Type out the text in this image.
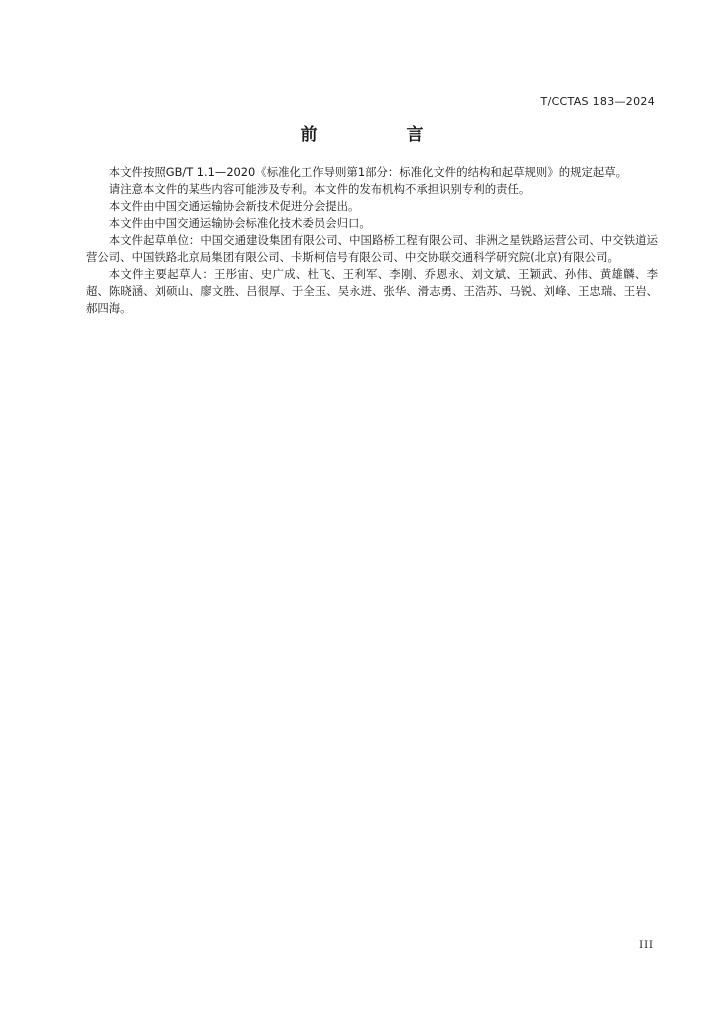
T/CCTAS 183—2024
前　言

本文件按照GB/T 1.1—2020《标准化工作导则第1部分：标准化文件的结构和起草规则》的规定起草。

请注意本文件的某些内容可能涉及专利。本文件的发布机构不承担识别专利的责任。

本文件由中国交通运输协会新技术促进分会提出。

本文件由中国交通运输协会标准化技术委员会归口。

本文件起草单位：中国交通建设集团有限公司、中国路桥工程有限公司、非洲之星铁路运营公司、中交铁道运营公司、中国铁路北京局集团有限公司、卡斯柯信号有限公司、中交协联交通科学研究院(北京)有限公司。

本文件主要起草人：王彤宙、史广成、杜飞、王利军、李刚、乔恩永、刘文斌、王颖武、孙伟、黄雄麟、李超、陈晓涵、刘硕山、廖文胜、吕很厚、于全玉、吴永进、张华、滑志勇、王浩苏、马锐、刘峰、王忠瑞、王岩、郝四海。

III
